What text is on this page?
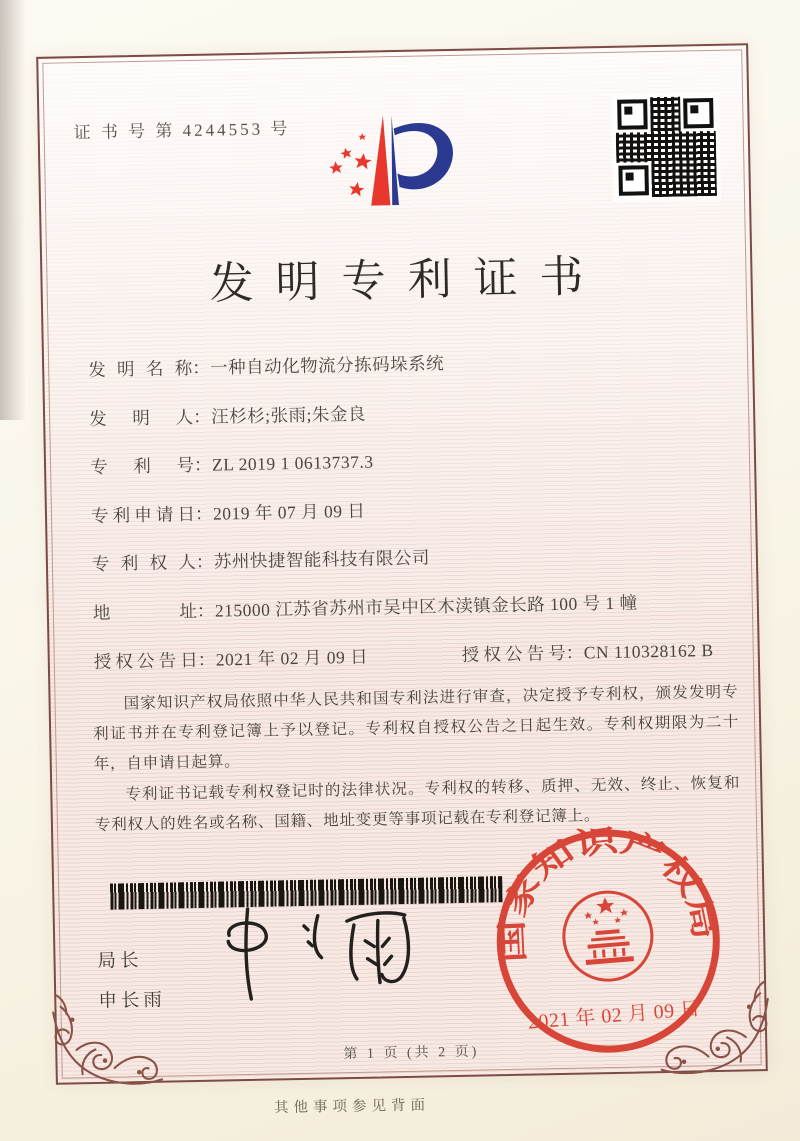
证 书 号 第 4244553 号
发明专利证书
发明名称：一种自动化物流分拣码垛系统
发明人：汪杉杉;张雨;朱金良
专利号：ZL 2019 1 0613737.3
专利申请日：2019 年 07 月 09 日
专利权人：苏州快捷智能科技有限公司
地址：215000 江苏省苏州市吴中区木渎镇金长路 100 号 1 幢
授权公告日：2021 年 02 月 09 日	授权公告号：CN 110328162 B

国家知识产权局依照中华人民共和国专利法进行审查，决定授予专利权，颁发发明专利证书并在专利登记簿上予以登记。专利权自授权公告之日起生效。专利权期限为二十年，自申请日起算。

专利证书记载专利权登记时的法律状况。专利权的转移、质押、无效、终止、恢复和专利权人的姓名或名称、国籍、地址变更等事项记载在专利登记簿上。

局长
申长雨
国家知识产权局
2021 年 02 月 09 日
第 1 页 (共 2 页)
其他事项参见背面
